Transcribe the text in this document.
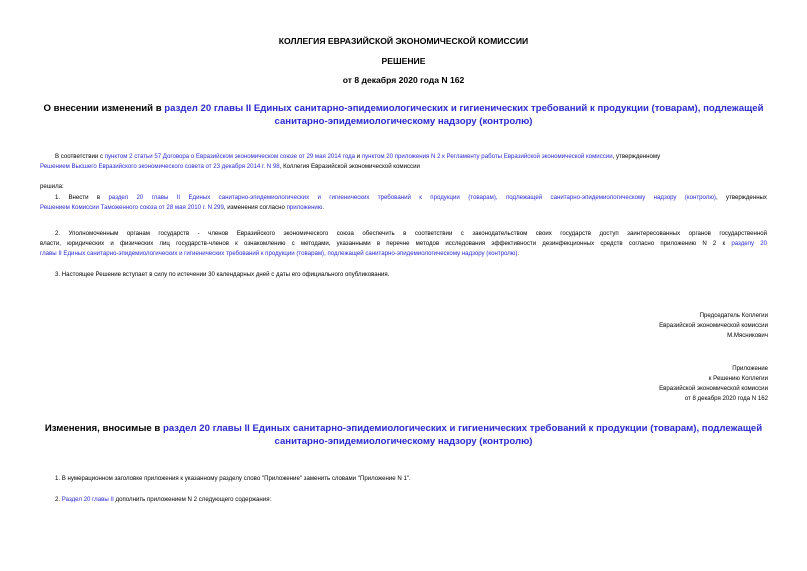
КОЛЛЕГИЯ ЕВРАЗИЙСКОЙ ЭКОНОМИЧЕСКОЙ КОМИССИИ
РЕШЕНИЕ
от 8 декабря 2020 года N 162
О внесении изменений в раздел 20 главы II Единых санитарно-эпидемиологических и гигиенических требований к продукции (товарам), подлежащей санитарно-эпидемиологическому надзору (контролю)
В соответствии с пунктом 2 статьи 57 Договора о Евразийском экономическом союзе от 29 мая 2014 года и пунктом 20 приложения N 2 к Регламенту работы Евразийской экономической комиссии, утвержденному
Решением Высшего Евразийского экономического совета от 23 декабря 2014 г. N 98, Коллегия Евразийской экономической комиссии
решила:
1. Внести в раздел 20 главы II Единых санитарно-эпидемиологических и гигиенических требований к продукции (товарам), подлежащей санитарно-эпидемиологическому надзору (контролю), утвержденных
Решением Комиссии Таможенного союза от 28 мая 2010 г. N 299, изменения согласно приложению.
2. Уполномоченным органам государств - членов Евразийского экономического союза обеспечить в соответствии с законодательством своих государств доступ заинтересованных органов государственной
власти, юридических и физических лиц государств-членов к ознакомлению с методами, указанными в перечне методов исследования эффективности дезинфекционных средств согласно приложению N 2 к разделу 20
главы II Единых санитарно-эпидемиологических и гигиенических требований к продукции (товарам), подлежащей санитарно-эпидемиологическому надзору (контролю).
3. Настоящее Решение вступает в силу по истечении 30 календарных дней с даты его официального опубликования.
Председатель Коллегии
Евразийской экономической комиссии
М.Мясникович
Приложение
к Решению Коллегии
Евразийской экономической комиссии
от 8 декабря 2020 года N 162
Изменения, вносимые в раздел 20 главы II Единых санитарно-эпидемиологических и гигиенических требований к продукции (товарам), подлежащей санитарно-эпидемиологическому надзору (контролю)
1. В нумерационном заголовке приложения к указанному разделу слово "Приложение" заменить словами "Приложение N 1".
2. Раздел 20 главы II дополнить приложением N 2 следующего содержания:
